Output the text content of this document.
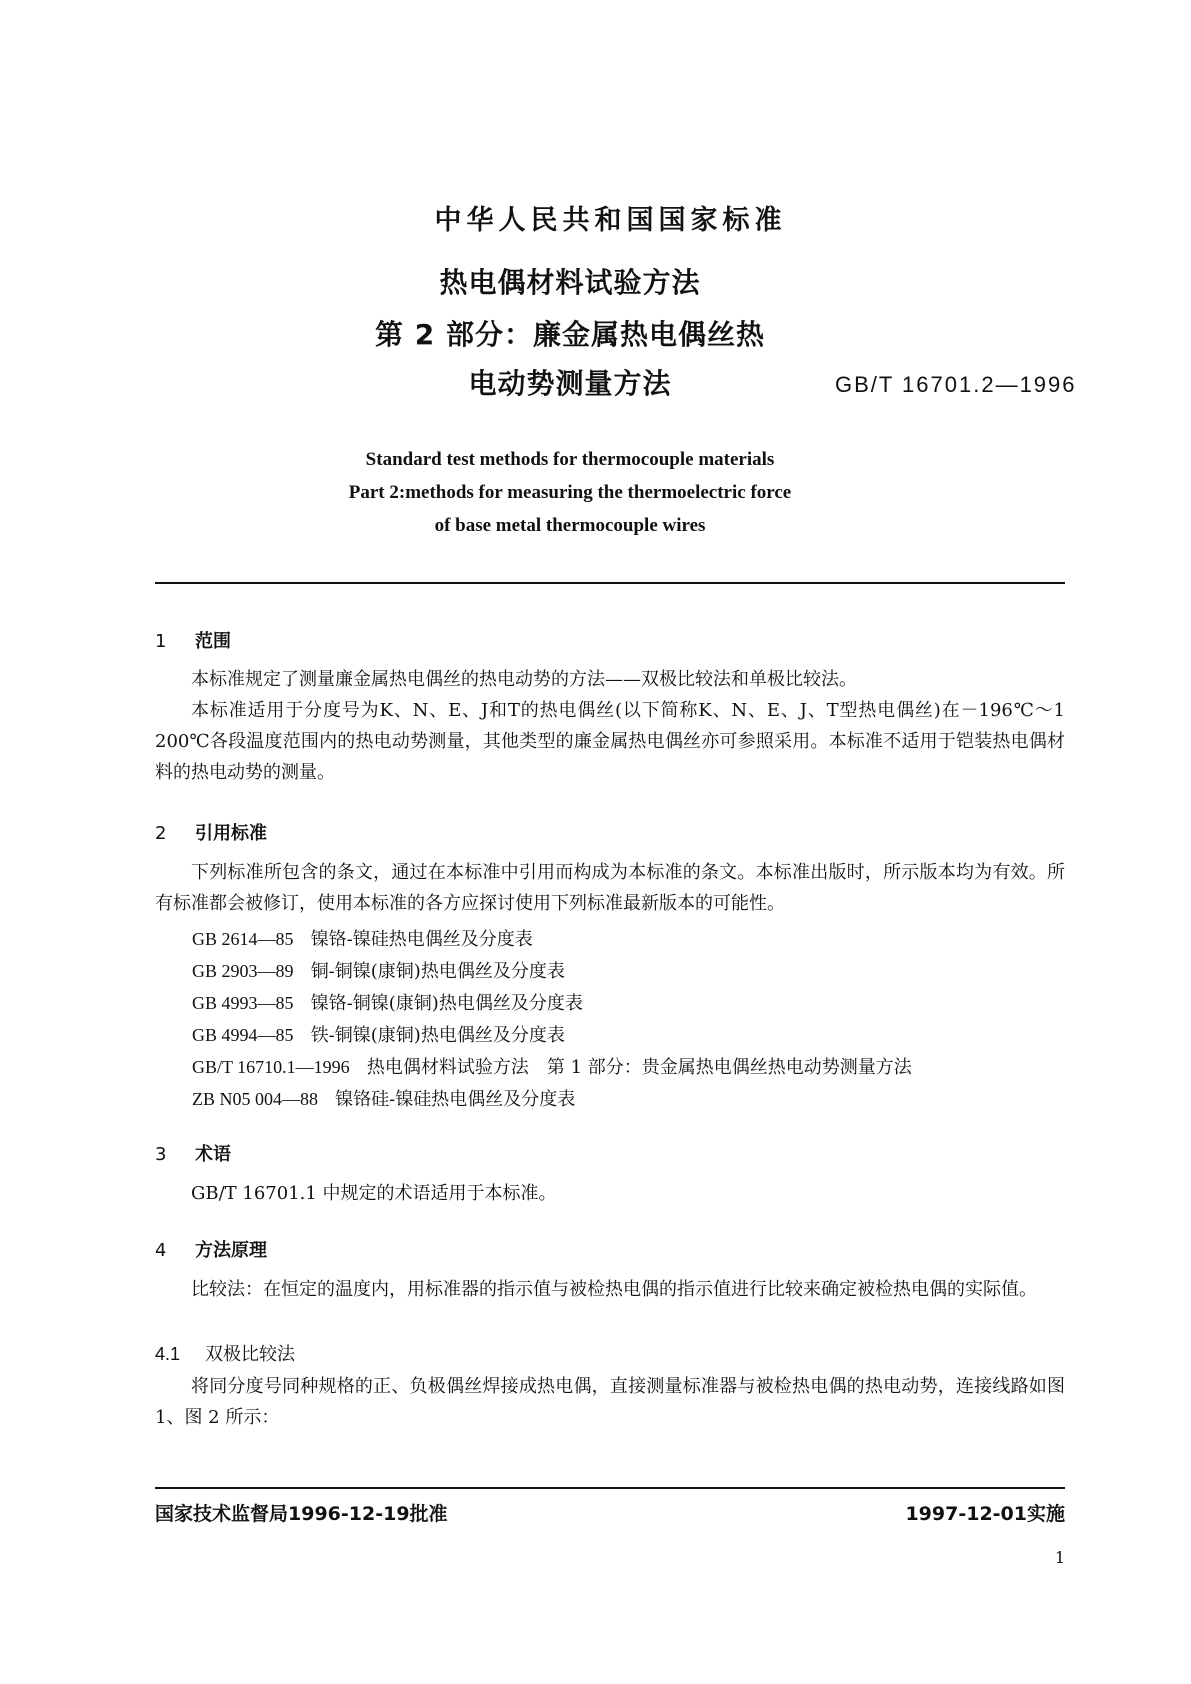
中华人民共和国国家标准
热电偶材料试验方法
第 2 部分：廉金属热电偶丝热
电动势测量方法	GB/T 16701.2—1996
Standard test methods for thermocouple materials
Part 2:methods for measuring the thermoelectric force
of base metal thermocouple wires
1 范围
本标准规定了测量廉金属热电偶丝的热电动势的方法——双极比较法和单极比较法。
本标准适用于分度号为K、N、E、J和T的热电偶丝(以下简称K、N、E、J、T型热电偶丝)在－196℃～1 200℃各段温度范围内的热电动势测量，其他类型的廉金属热电偶丝亦可参照采用。本标准不适用于铠装热电偶材料的热电动势的测量。
2 引用标准
下列标准所包含的条文，通过在本标准中引用而构成为本标准的条文。本标准出版时，所示版本均为有效。所有标准都会被修订，使用本标准的各方应探讨使用下列标准最新版本的可能性。
GB 2614—85 镍铬-镍硅热电偶丝及分度表
GB 2903—89 铜-铜镍(康铜)热电偶丝及分度表
GB 4993—85 镍铬-铜镍(康铜)热电偶丝及分度表
GB 4994—85 铁-铜镍(康铜)热电偶丝及分度表
GB/T 16710.1—1996 热电偶材料试验方法　第 1 部分：贵金属热电偶丝热电动势测量方法
ZB N05 004—88 镍铬硅-镍硅热电偶丝及分度表
3 术语
GB/T 16701.1 中规定的术语适用于本标准。
4 方法原理
比较法：在恒定的温度内，用标准器的指示值与被检热电偶的指示值进行比较来确定被检热电偶的实际值。
4.1 双极比较法
将同分度号同种规格的正、负极偶丝焊接成热电偶，直接测量标准器与被检热电偶的热电动势，连接线路如图 1、图 2 所示：
国家技术监督局1996-12-19批准	1997-12-01实施
1
